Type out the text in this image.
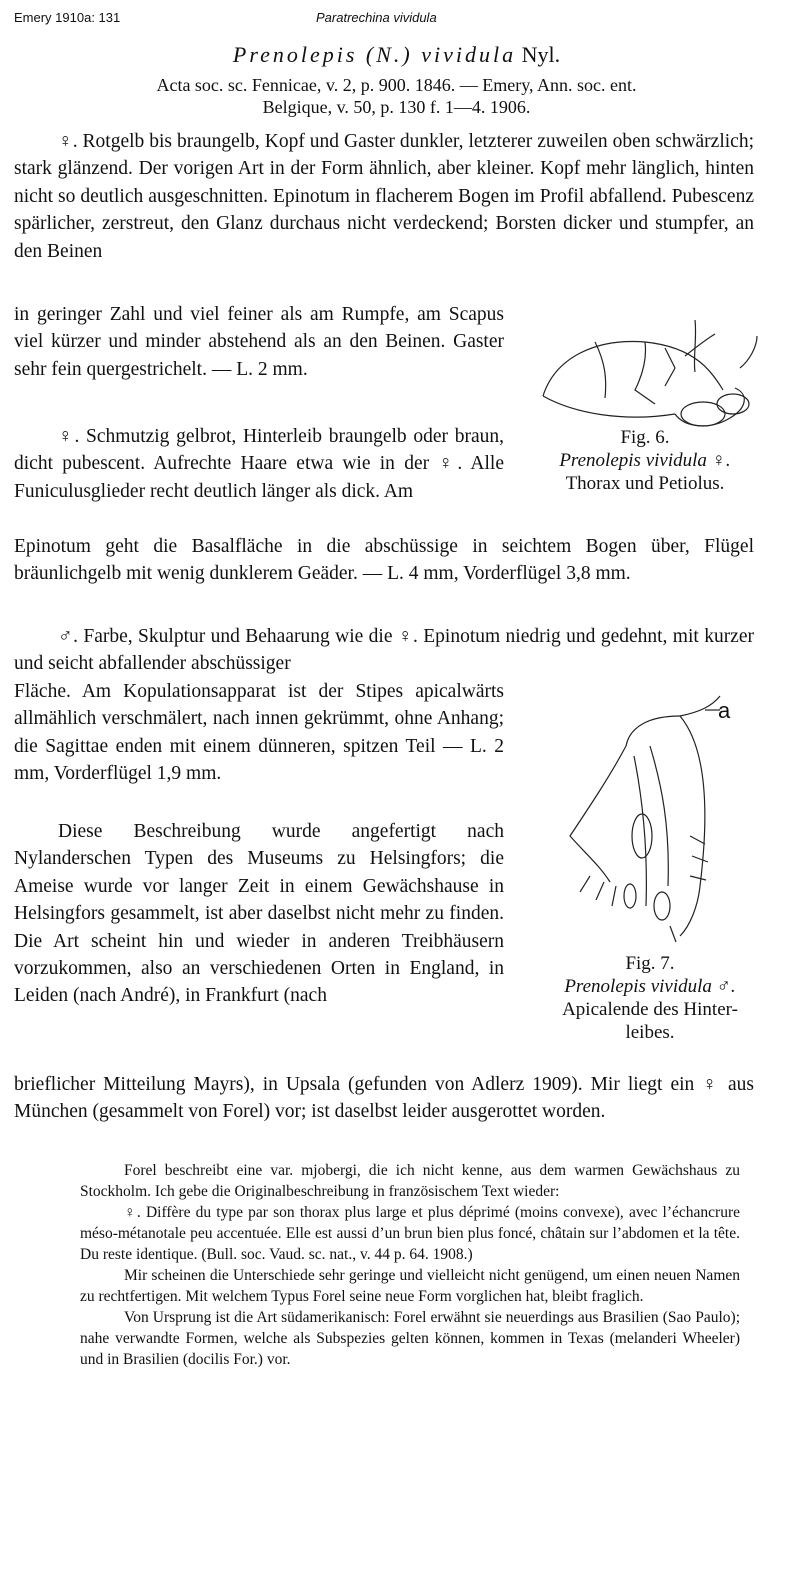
Emery 1910a: 131	Paratrechina vividula
Prenolepis (N.) vividula Nyl.
Acta soc. sc. Fennicae, v. 2, p. 900. 1846. — Emery, Ann. soc. ent.
Belgique, v. 50, p. 130 f. 1—4. 1906.

♀. Rotgelb bis braungelb, Kopf und Gaster dunkler, letzterer zuweilen oben schwärzlich; stark glänzend. Der vorigen Art in der Form ähnlich, aber kleiner. Kopf mehr länglich, hinten nicht so deutlich ausgeschnitten. Epinotum in flacherem Bogen im Profil abfallend. Pubescenz spärlicher, zerstreut, den Glanz durchaus nicht verdeckend; Borsten dicker und stumpfer, an den Beinen

in geringer Zahl und viel feiner als am Rumpfe, am Scapus viel kürzer und minder abstehend als an den Beinen. Gaster sehr fein quergestrichelt. — L. 2 mm.

Fig. 6.
Prenolepis vividula ♀.
Thorax und Petiolus.

♀. Schmutzig gelbrot, Hinterleib braungelb oder braun, dicht pubescent. Aufrechte Haare etwa wie in der ♀. Alle Funiculusglieder recht deutlich länger als dick. Am

Epinotum geht die Basalfläche in die abschüssige in seichtem Bogen über, Flügel bräunlichgelb mit wenig dunklerem Geäder. — L. 4 mm, Vorderflügel 3,8 mm.

♂. Farbe, Skulptur und Behaarung wie die ♀. Epinotum niedrig und gedehnt, mit kurzer und seicht abfallender abschüssiger

Fläche. Am Kopulationsapparat ist der Stipes apicalwärts allmählich verschmälert, nach innen gekrümmt, ohne Anhang; die Sagittae enden mit einem dünneren, spitzen Teil — L. 2 mm, Vorderflügel 1,9 mm.

a
Fig. 7.
Prenolepis vividula ♂.
Apicalende des Hinter-
leibes.

Diese Beschreibung wurde angefertigt nach Nylanderschen Typen des Museums zu Helsingfors; die Ameise wurde vor langer Zeit in einem Gewächshause in Helsingfors gesammelt, ist aber daselbst nicht mehr zu finden. Die Art scheint hin und wieder in anderen Treibhäusern vorzukommen, also an verschiedenen Orten in England, in Leiden (nach André), in Frankfurt (nach

brieflicher Mitteilung Mayrs), in Upsala (gefunden von Adlerz 1909). Mir liegt ein ♀ aus München (gesammelt von Forel) vor; ist daselbst leider ausgerottet worden.

Forel beschreibt eine var. mjobergi, die ich nicht kenne, aus dem warmen Gewächshaus zu Stockholm. Ich gebe die Originalbeschreibung in französischem Text wieder:

♀. Diffère du type par son thorax plus large et plus déprimé (moins convexe), avec l’échancrure méso-métanotale peu accentuée. Elle est aussi d’un brun bien plus foncé, châtain sur l’abdomen et la tête. Du reste identique. (Bull. soc. Vaud. sc. nat., v. 44 p. 64. 1908.)

Mir scheinen die Unterschiede sehr geringe und vielleicht nicht genügend, um einen neuen Namen zu rechtfertigen. Mit welchem Typus Forel seine neue Form vorglichen hat, bleibt fraglich.

Von Ursprung ist die Art südamerikanisch: Forel erwähnt sie neuerdings aus Brasilien (Sao Paulo); nahe verwandte Formen, welche als Subspezies gelten können, kommen in Texas (melanderi Wheeler) und in Brasilien (docilis For.) vor.
